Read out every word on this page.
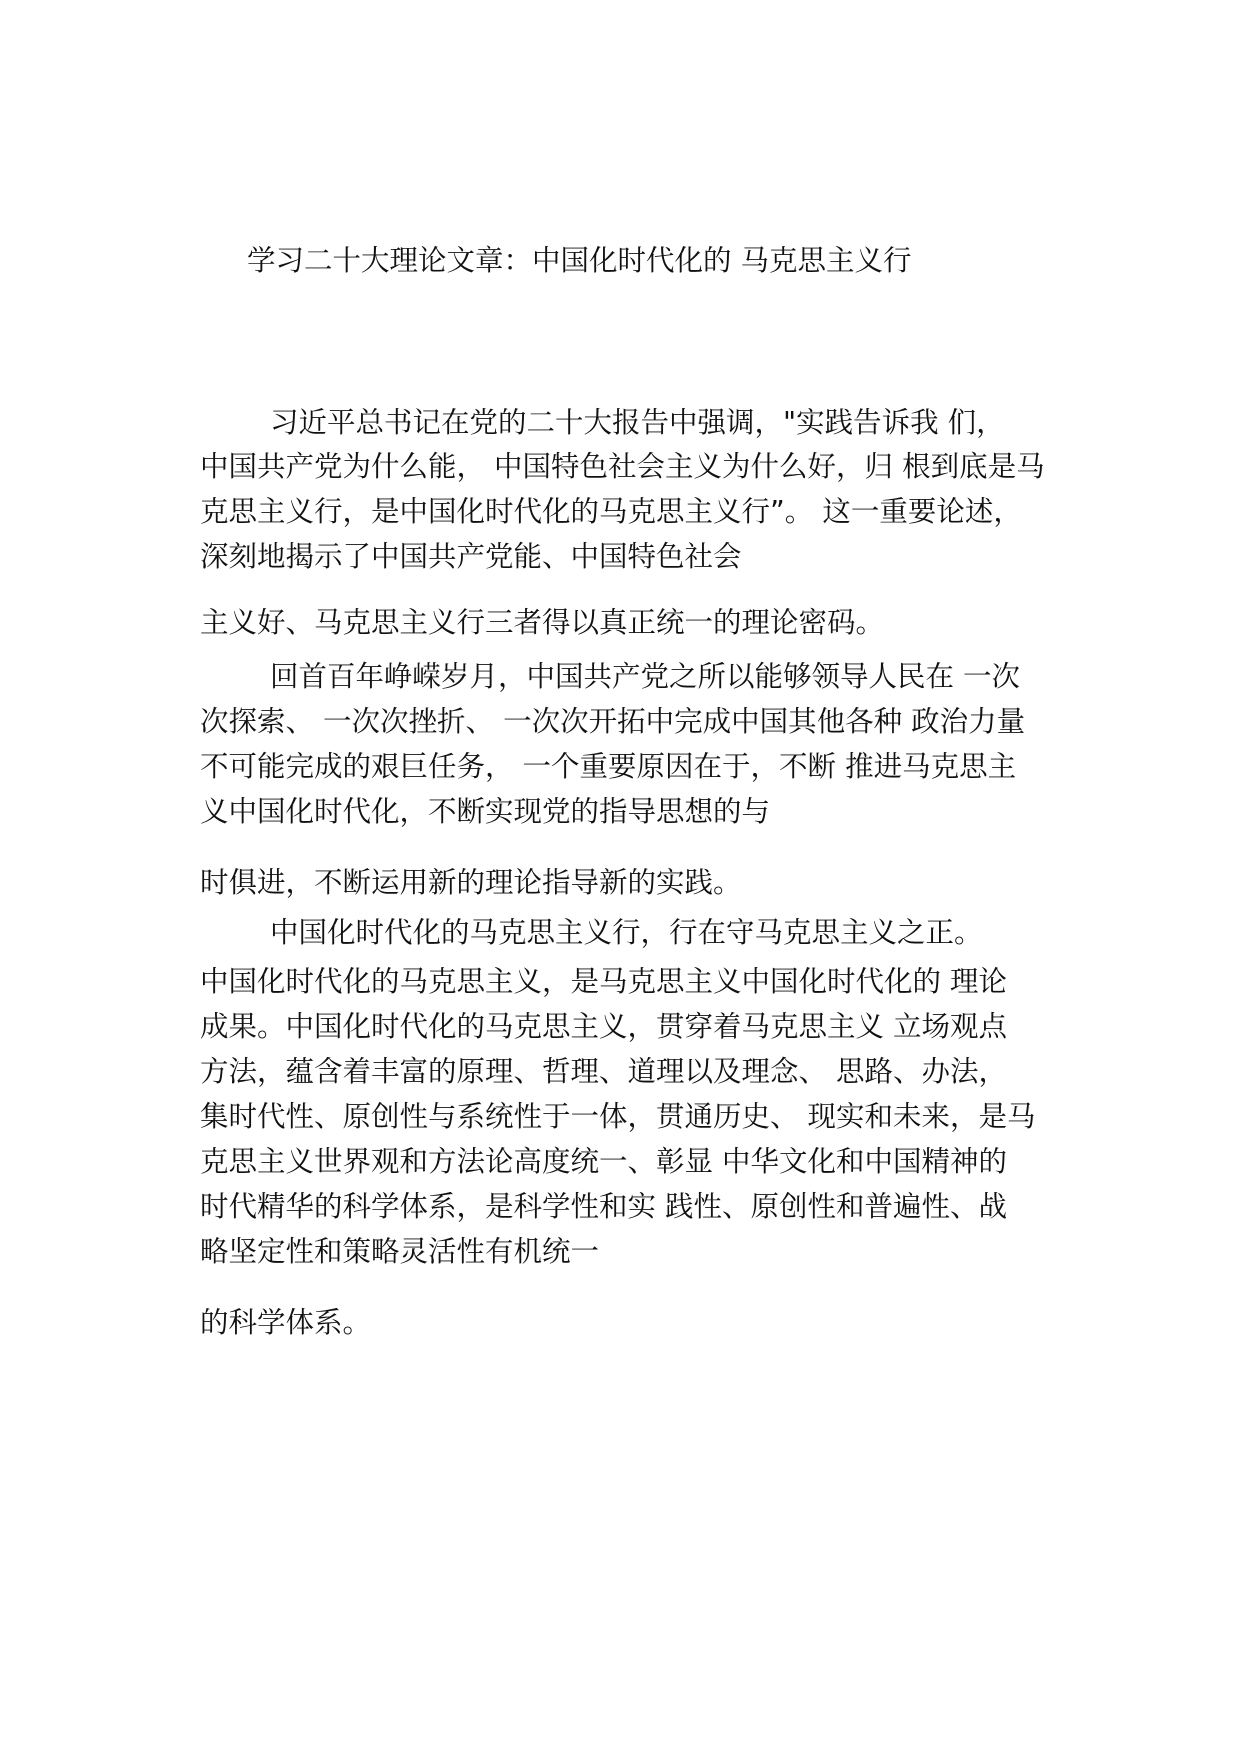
学习二十大理论文章：中国化时代化的 马克思主义行

习近平总书记在党的二十大报告中强调，"实践告诉我 们，

中国共产党为什么能， 中国特色社会主义为什么好，归 根到底是马

克思主义行，是中国化时代化的马克思主义行”。 这一重要论述，

深刻地揭示了中国共产党能、中国特色社会

主义好、马克思主义行三者得以真正统一的理论密码。

回首百年峥嵘岁月，中国共产党之所以能够领导人民在 一次

次探索、 一次次挫折、 一次次开拓中完成中国其他各种 政治力量

不可能完成的艰巨任务， 一个重要原因在于，不断 推进马克思主

义中国化时代化，不断实现党的指导思想的与

时俱进，不断运用新的理论指导新的实践。

中国化时代化的马克思主义行，行在守马克思主义之正。

中国化时代化的马克思主义，是马克思主义中国化时代化的 理论

成果。中国化时代化的马克思主义，贯穿着马克思主义 立场观点

方法，蕴含着丰富的原理、哲理、道理以及理念、 思路、办法，

集时代性、原创性与系统性于一体，贯通历史、 现实和未来，是马

克思主义世界观和方法论高度统一、彰显 中华文化和中国精神的

时代精华的科学体系，是科学性和实 践性、原创性和普遍性、战

略坚定性和策略灵活性有机统一

的科学体系。
